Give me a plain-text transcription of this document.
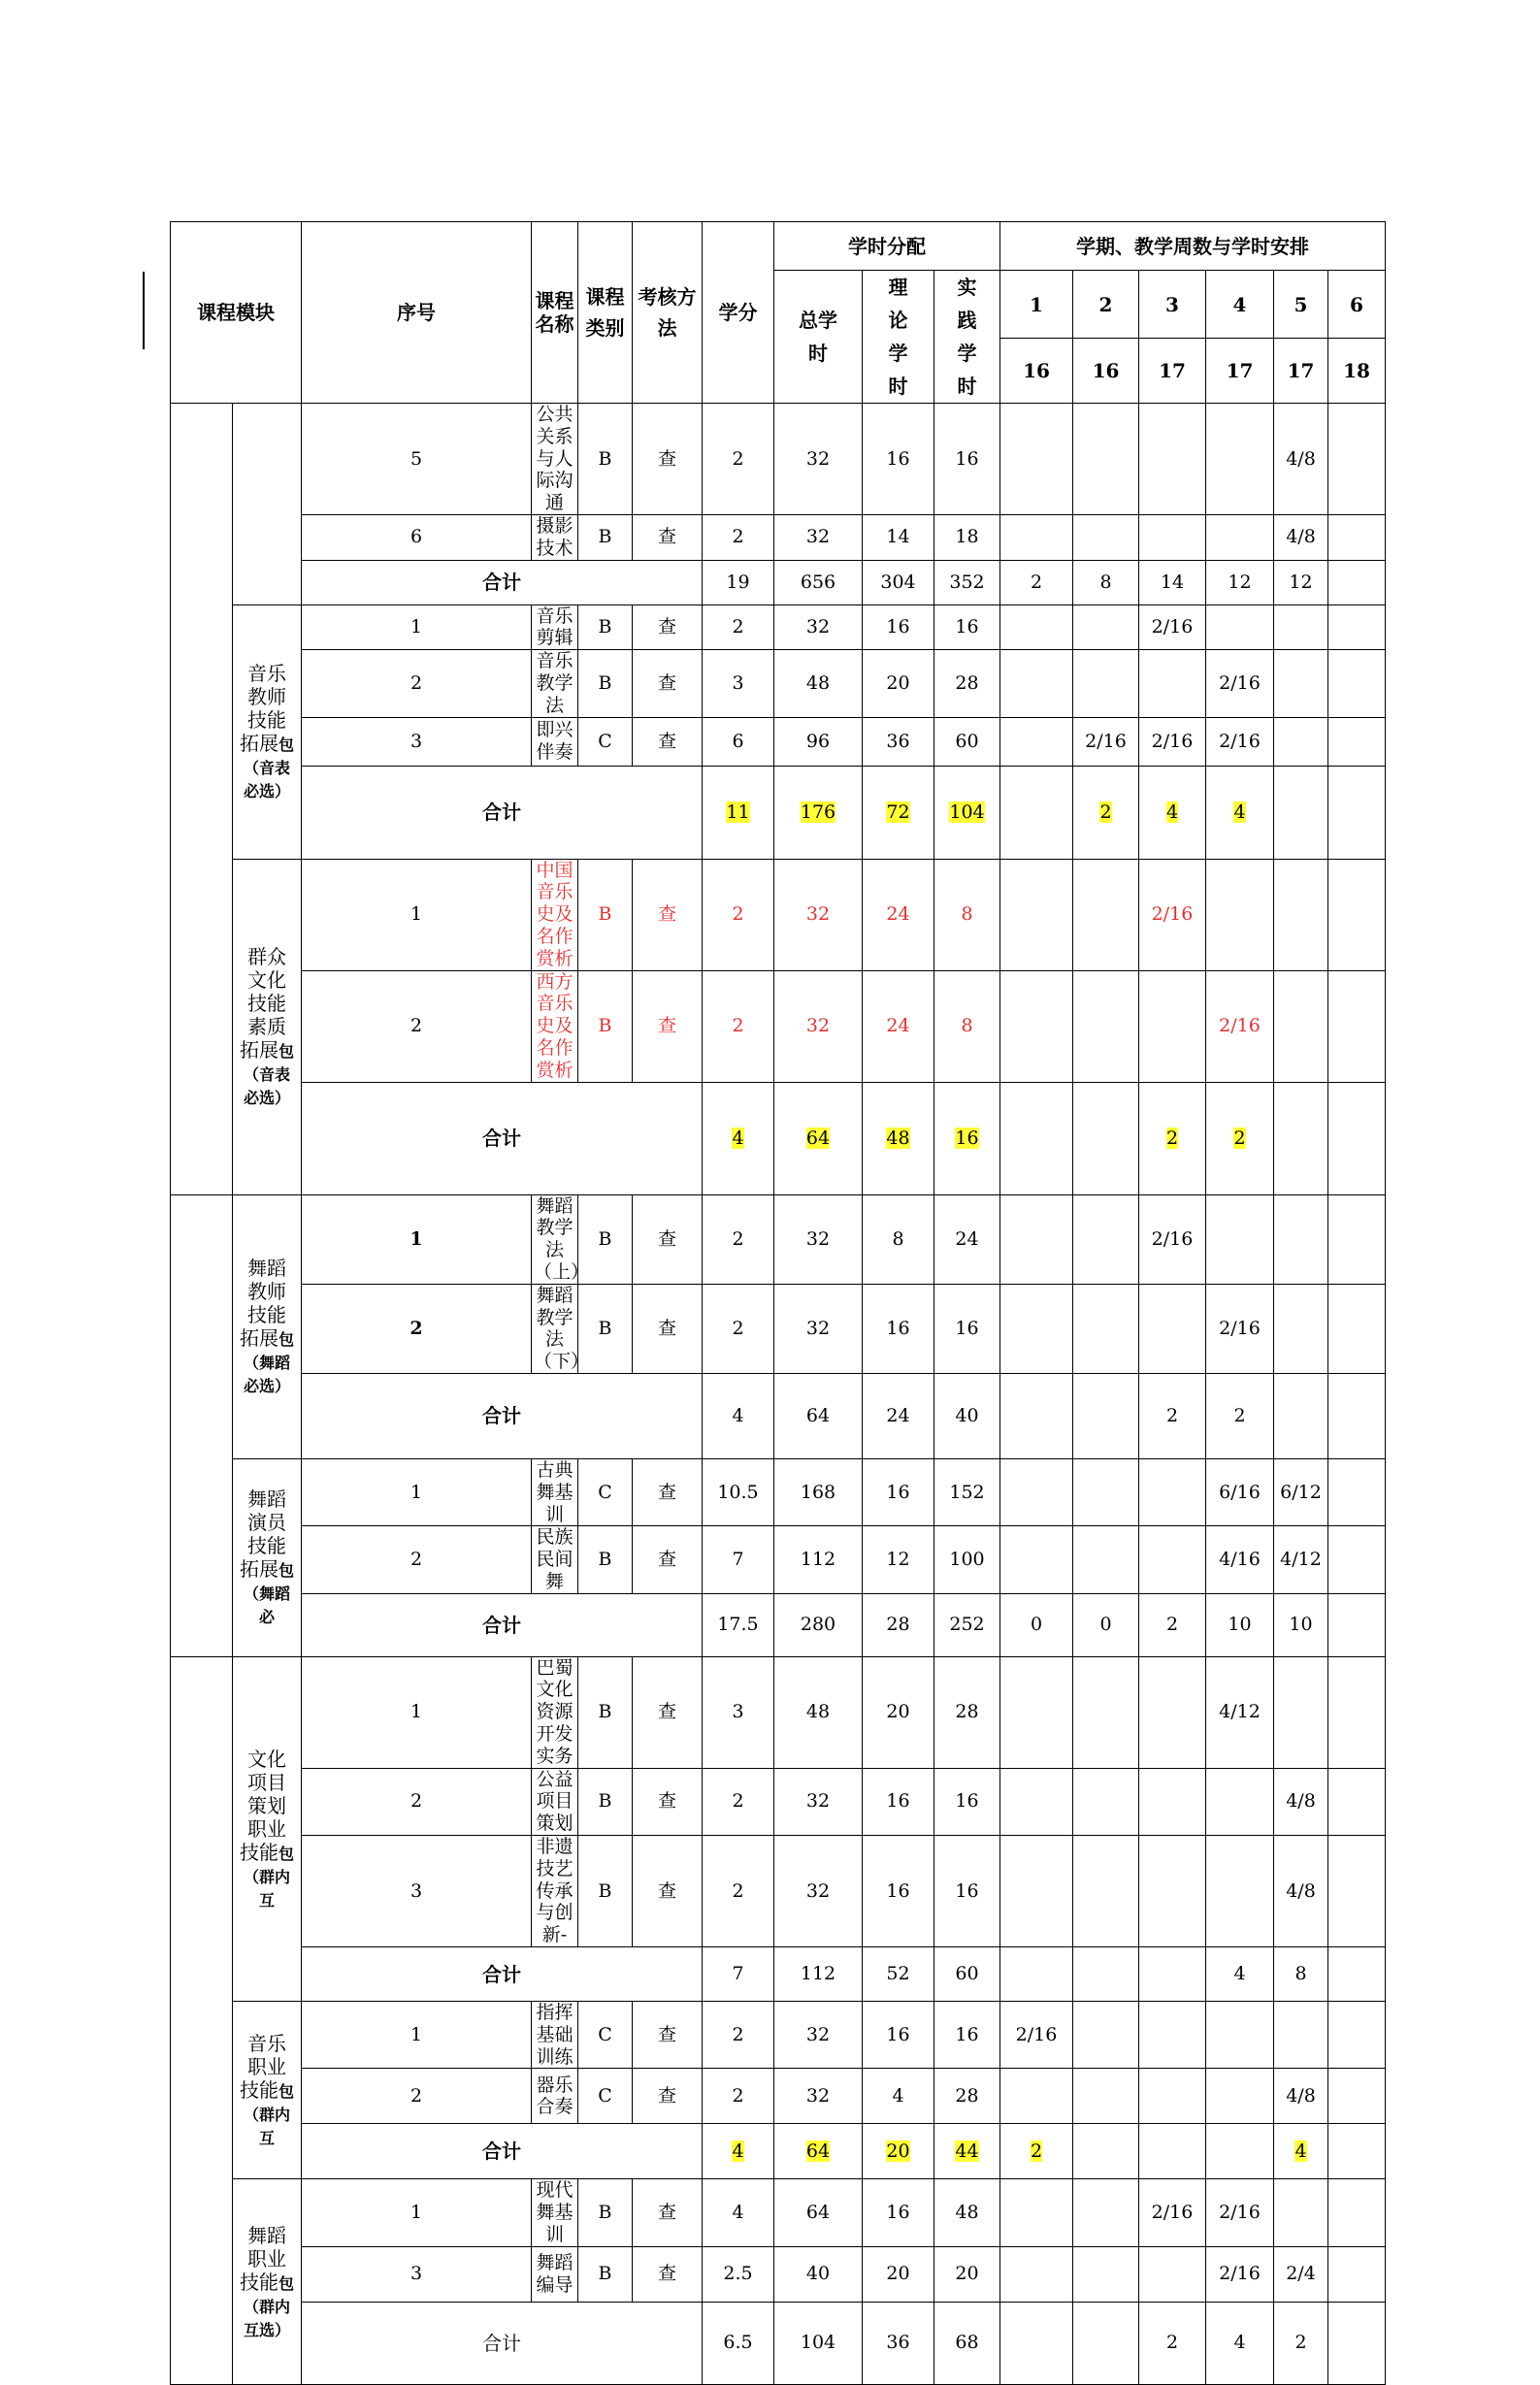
课程模块		序号	课程名称	课程类别	考核方法	学分	学时分配			学期、教学周数与学时安排					
							总学时	理论学时	实践学时	1	2	3	4	5	6
										16	16	17	17	17	18
		5	公共关系与人际沟通	B	查	2	32	16	16					4/8	
		6	摄影技术	B	查	2	32	14	18					4/8	
		合计				19	656	304	352	2	8	14	12	12	
	音乐教师技能拓展包（音表必选）	1	音乐剪辑	B	查	2	32	16	16			2/16			
		2	音乐教学法	B	查	3	48	20	28				2/16		
		3	即兴伴奏	C	查	6	96	36	60		2/16	2/16	2/16		
		合计				11	176	72	104		2	4	4		
	群众文化技能素质拓展包（音表必选）	1	中国音乐史及名作赏析	B	查	2	32	24	8			2/16			
		2	西方音乐史及名作赏析	B	查	2	32	24	8				2/16		
		合计				4	64	48	16			2	2		
	舞蹈教师技能拓展包（舞蹈必选）	1	舞蹈教学法（上）	B	查	2	32	8	24			2/16			
		2	舞蹈教学法（下）	B	查	2	32	16	16				2/16		
		合计				4	64	24	40			2	2		
	舞蹈演员技能拓展包（舞蹈必	1	古典舞基训	C	查	10.5	168	16	152				6/16	6/12	
		2	民族民间舞	B	查	7	112	12	100				4/16	4/12	
		合计				17.5	280	28	252	0	0	2	10	10	
	文化项目策划职业技能包（群内互	1	巴蜀文化资源开发实务	B	查	3	48	20	28				4/12		
		2	公益项目策划	B	查	2	32	16	16					4/8	
		3	非遗技艺传承与创新-	B	查	2	32	16	16					4/8	
		合计				7	112	52	60				4	8	
	音乐职业技能包（群内互	1	指挥基础训练	C	查	2	32	16	16	2/16					
		2	器乐合奏	C	查	2	32	4	28					4/8	
		合计				4	64	20	44	2				4	
	舞蹈职业技能包（群内互选）	1	现代舞基训	B	查	4	64	16	48			2/16	2/16		
		3	舞蹈编导	B	查	2.5	40	20	20				2/16	2/4	
		合计				6.5	104	36	68			2	4	2	
